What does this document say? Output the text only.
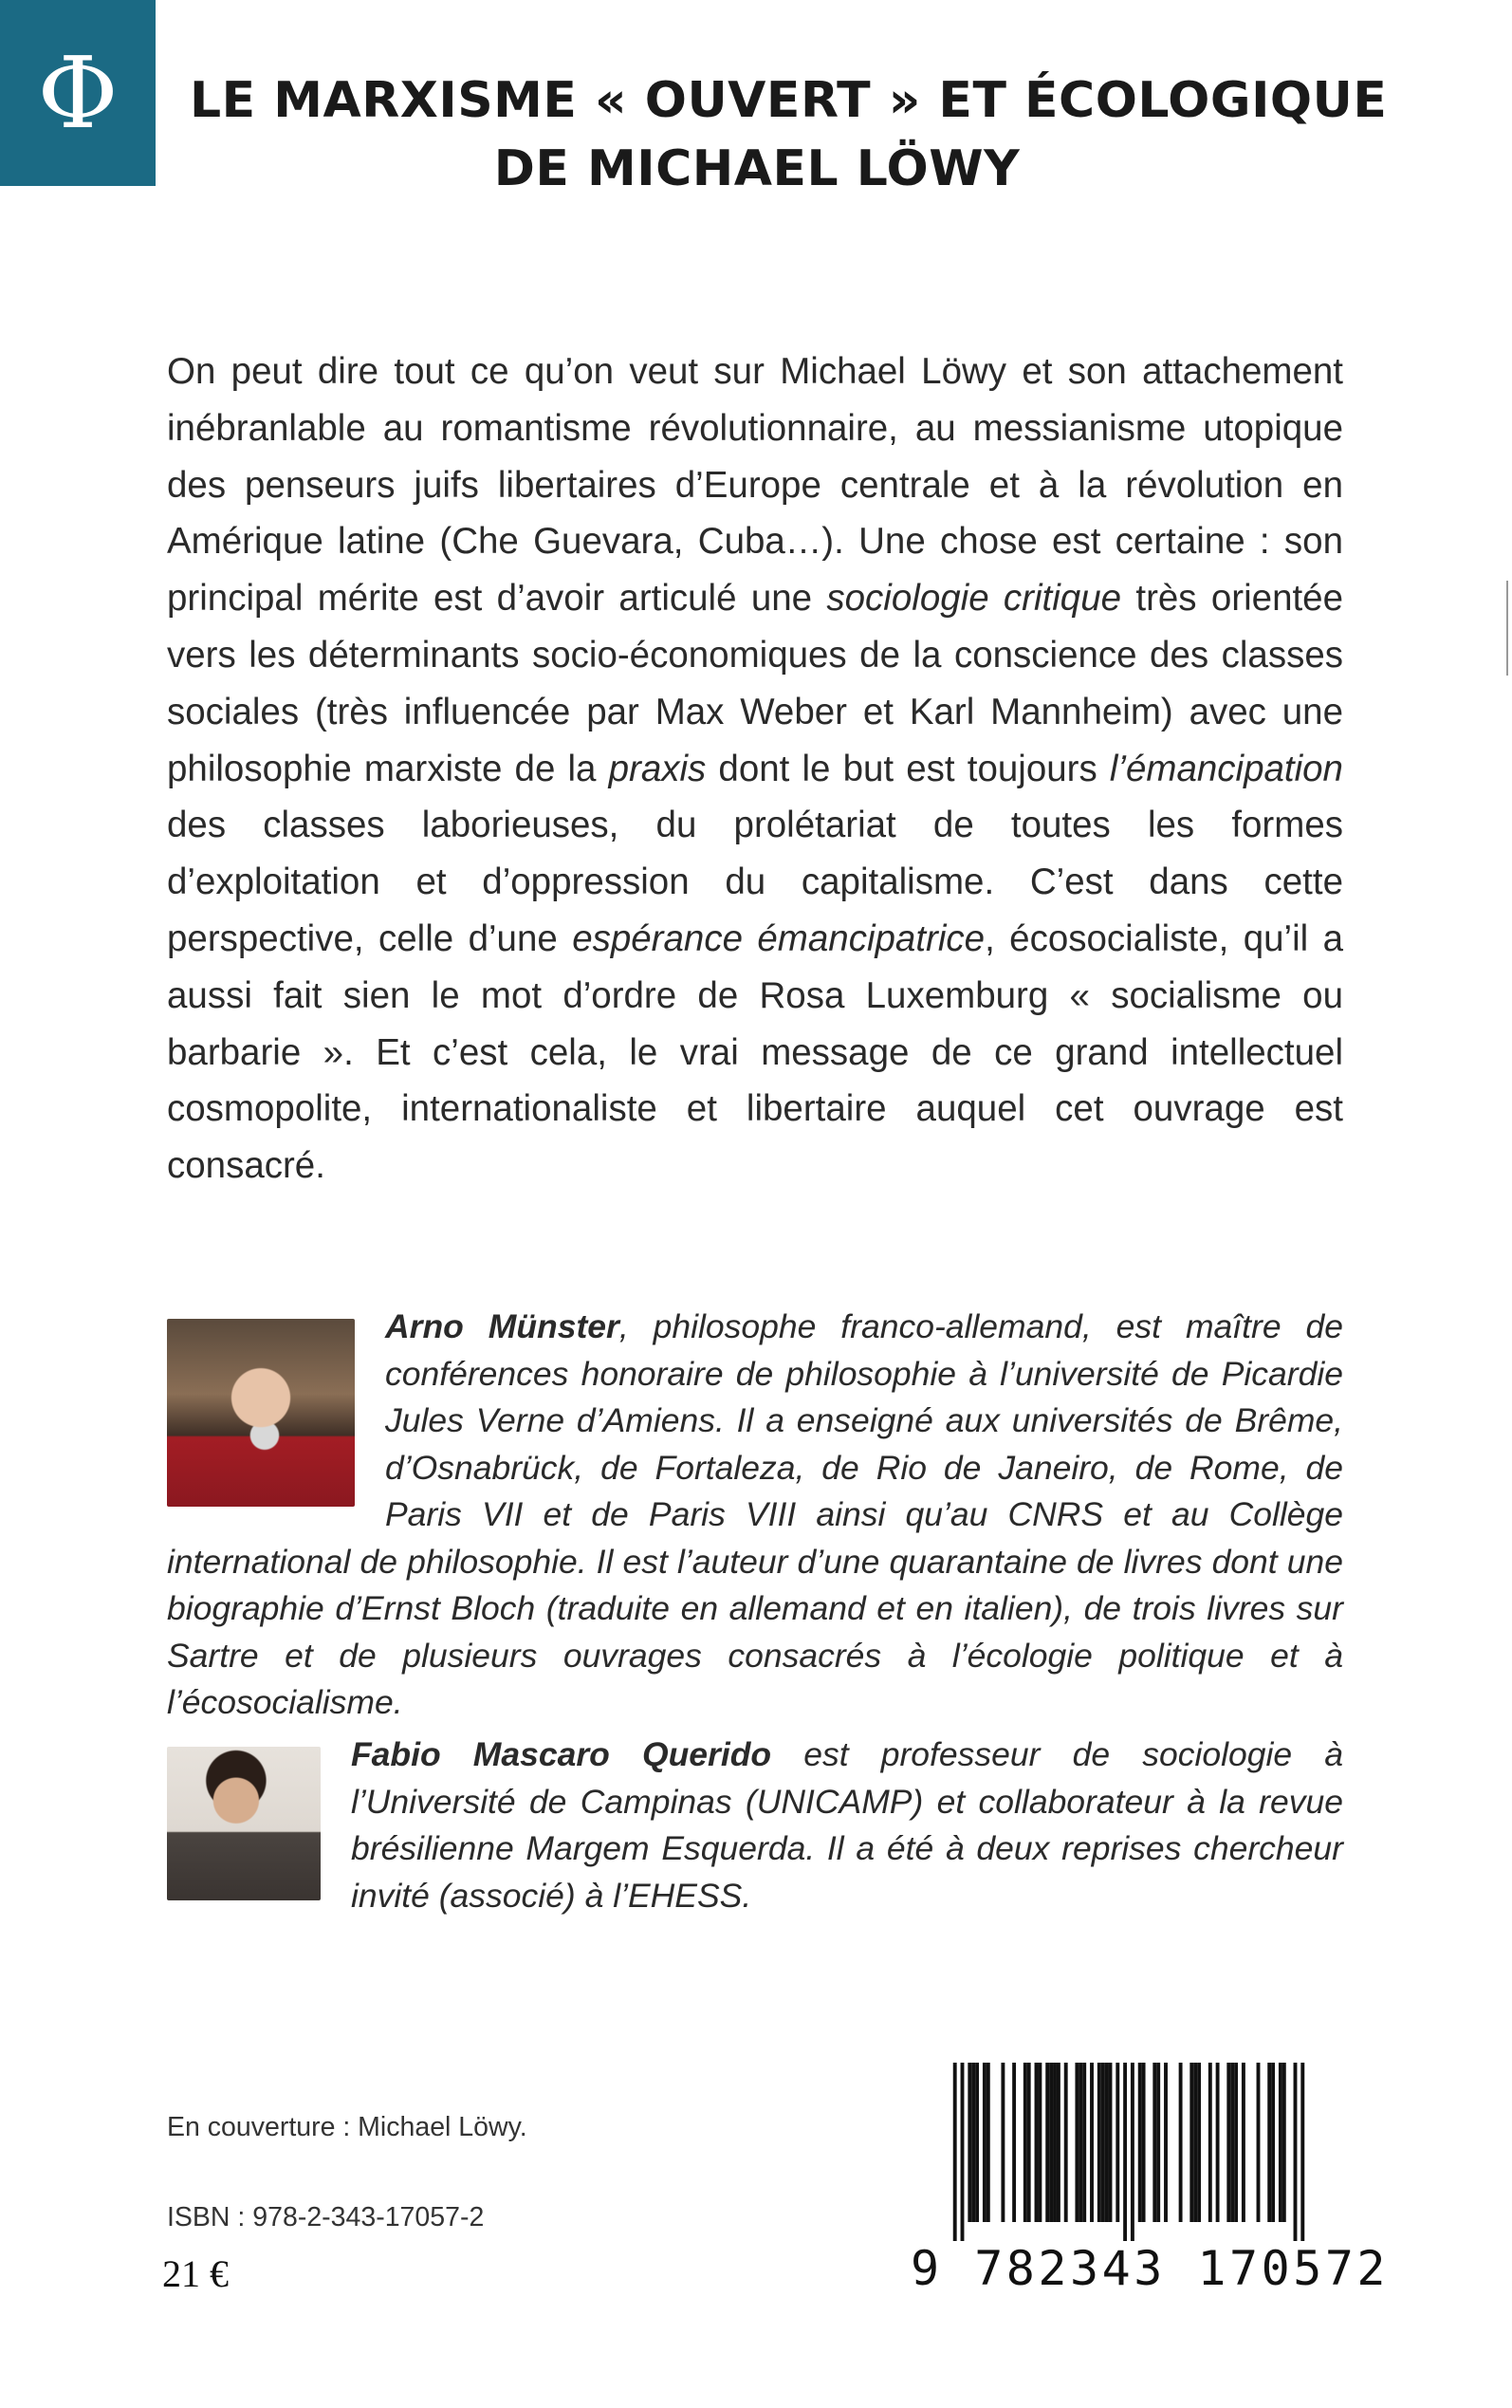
Φ LE MARXISME « OUVERT » ET ÉCOLOGIQUE
DE MICHAEL LÖWY
On peut dire tout ce qu’on veut sur Michael Löwy et son attachement inébranlable au romantisme révolutionnaire, au messianisme utopique des penseurs juifs libertaires d’Europe centrale et à la révolution en Amérique latine (Che Guevara, Cuba…). Une chose est certaine : son principal mérite est d’avoir articulé une sociologie critique très orientée vers les déterminants socio-économiques de la conscience des classes sociales (très influencée par Max Weber et Karl Mannheim) avec une philosophie marxiste de la praxis dont le but est toujours l’émancipation des classes laborieuses, du prolétariat de toutes les formes d’exploitation et d’oppression du capitalisme. C’est dans cette perspective, celle d’une espérance émancipatrice, écosocialiste, qu’il a aussi fait sien le mot d’ordre de Rosa Luxemburg « socialisme ou barbarie ». Et c’est cela, le vrai message de ce grand intellectuel cosmopolite, internationaliste et libertaire auquel cet ouvrage est consacré.
Arno Münster, philosophe franco-allemand, est maître de conférences honoraire de philosophie à l’université de Picardie Jules Verne d’Amiens. Il a enseigné aux universités de Brême, d’Osnabrück, de Fortaleza, de Rio de Janeiro, de Rome, de Paris VII et de Paris VIII ainsi qu’au CNRS et au Collège international de philosophie. Il est l’auteur d’une quarantaine de livres dont une biographie d’Ernst Bloch (traduite en allemand et en italien), de trois livres sur Sartre et de plusieurs ouvrages consacrés à l’écologie politique et à l’écosocialisme.
Fabio Mascaro Querido est professeur de sociologie à l’Université de Campinas (UNICAMP) et collaborateur à la revue brésilienne Margem Esquerda. Il a été à deux reprises chercheur invité (associé) à l’EHESS.
En couverture : Michael Löwy.
ISBN : 978-2-343-17057-2
21 €	9 782343 170572
